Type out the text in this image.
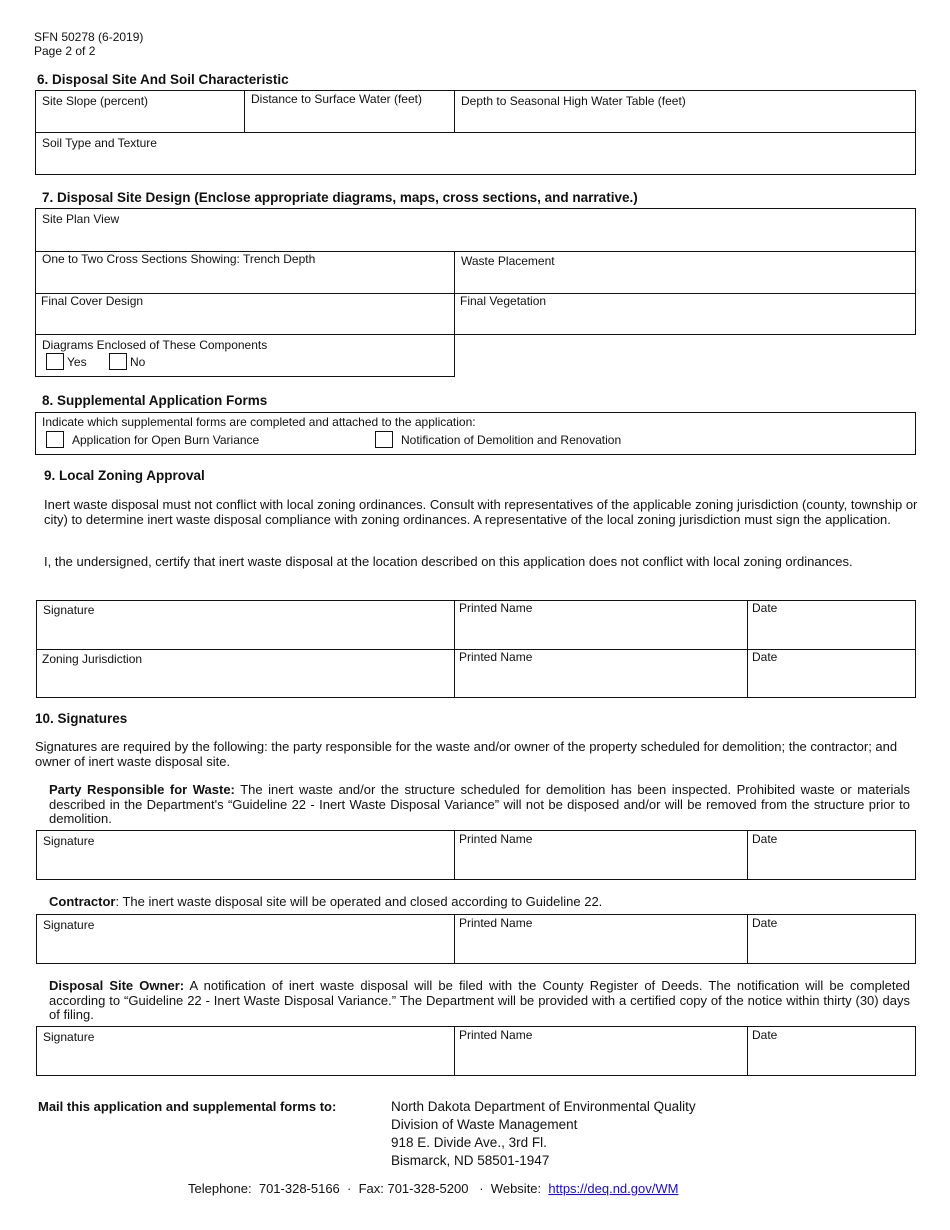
SFN 50278 (6-2019)
Page 2 of 2
6. Disposal Site And Soil Characteristic
Site Slope (percent)	Distance to Surface Water (feet)	Depth to Seasonal High Water Table (feet)
Soil Type and Texture
7. Disposal Site Design (Enclose appropriate diagrams, maps, cross sections, and narrative.)
Site Plan View
One to Two Cross Sections Showing: Trench Depth	Waste Placement
Final Cover Design	Final Vegetation
Diagrams Enclosed of These Components
Yes	No
8. Supplemental Application Forms
Indicate which supplemental forms are completed and attached to the application:
Application for Open Burn Variance	Notification of Demolition and Renovation
9. Local Zoning Approval
Inert waste disposal must not conflict with local zoning ordinances. Consult with representatives of the applicable zoning jurisdiction (county, township or city) to determine inert waste disposal compliance with zoning ordinances. A representative of the local zoning jurisdiction must sign the application.
I, the undersigned, certify that inert waste disposal at the location described on this application does not conflict with local zoning ordinances.
Signature	Printed Name	Date
Zoning Jurisdiction	Printed Name	Date
10. Signatures
Signatures are required by the following: the party responsible for the waste and/or owner of the property scheduled for demolition; the contractor; and owner of inert waste disposal site.
Party Responsible for Waste: The inert waste and/or the structure scheduled for demolition has been inspected. Prohibited waste or materials described in the Department's “Guideline 22 - Inert Waste Disposal Variance” will not be disposed and/or will be removed from the structure prior to demolition.
Signature	Printed Name	Date
Contractor: The inert waste disposal site will be operated and closed according to Guideline 22.
Signature	Printed Name	Date
Disposal Site Owner: A notification of inert waste disposal will be filed with the County Register of Deeds. The notification will be completed according to “Guideline 22 - Inert Waste Disposal Variance.” The Department will be provided with a certified copy of the notice within thirty (30) days of filing.
Signature	Printed Name	Date
Mail this application and supplemental forms to:	North Dakota Department of Environmental Quality
Division of Waste Management
918 E. Divide Ave., 3rd Fl.
Bismarck, ND 58501-1947
Telephone:  701-328-5166  ·  Fax: 701-328-5200   ·  Website:  https://deq.nd.gov/WM
